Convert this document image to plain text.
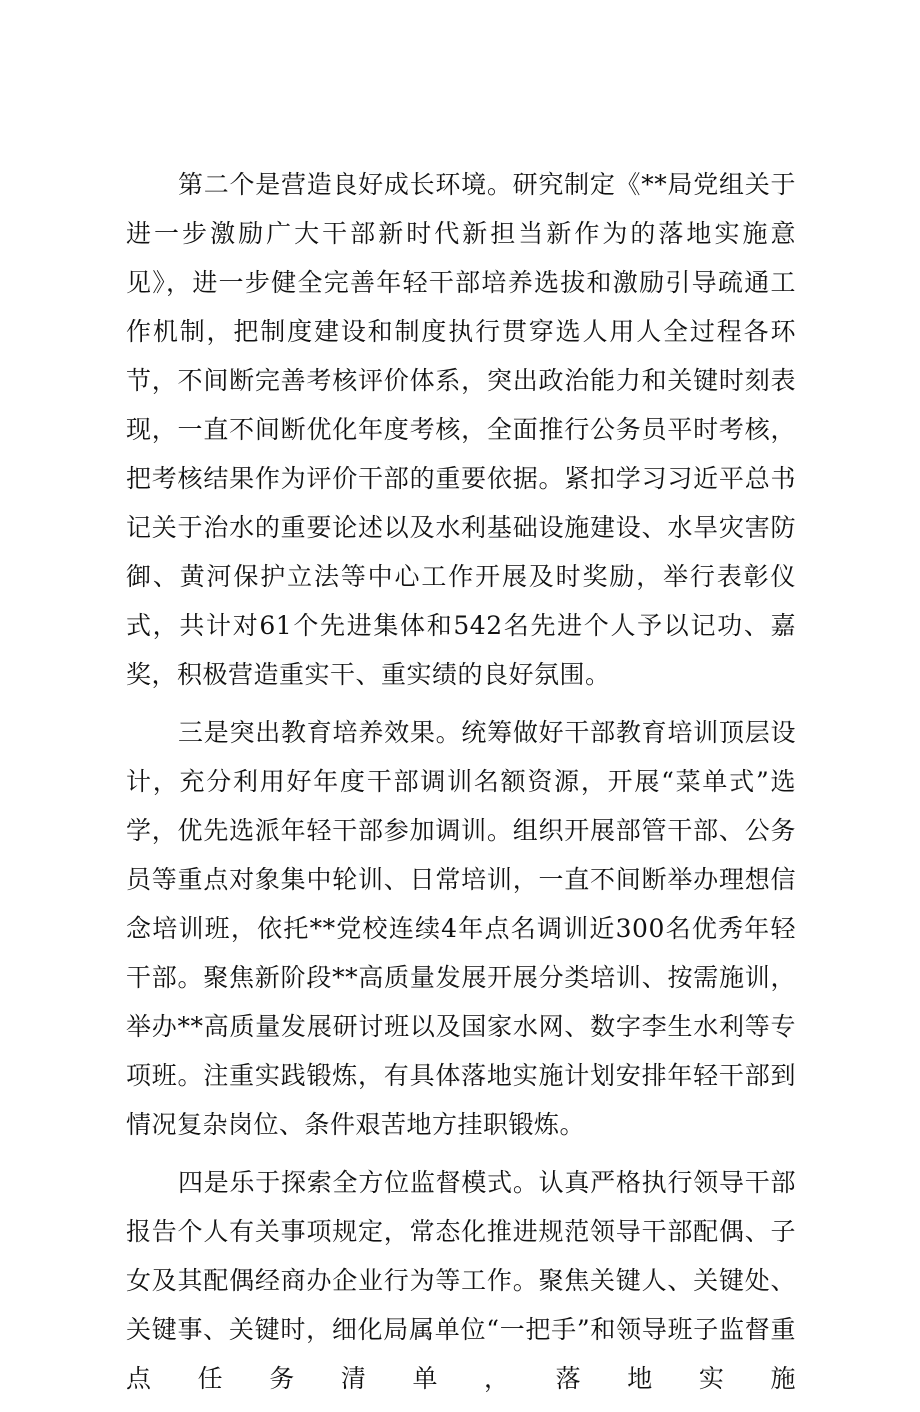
第二个是营造良好成长环境。研究制定《**局党组关于进一步激励广大干部新时代新担当新作为的落地实施意见》，进一步健全完善年轻干部培养选拔和激励引导疏通工作机制，把制度建设和制度执行贯穿选人用人全过程各环节，不间断完善考核评价体系，突出政治能力和关键时刻表现，一直不间断优化年度考核，全面推行公务员平时考核，把考核结果作为评价干部的重要依据。紧扣学习习近平总书记关于治水的重要论述以及水利基础设施建设、水旱灾害防御、黄河保护立法等中心工作开展及时奖励，举行表彰仪式，共计对61个先进集体和542名先进个人予以记功、嘉奖，积极营造重实干、重实绩的良好氛围。

三是突出教育培养效果。统筹做好干部教育培训顶层设计，充分利用好年度干部调训名额资源，开展“菜单式”选学，优先选派年轻干部参加调训。组织开展部管干部、公务员等重点对象集中轮训、日常培训，一直不间断举办理想信念培训班，依托**党校连续4年点名调训近300名优秀年轻干部。聚焦新阶段**高质量发展开展分类培训、按需施训，举办**高质量发展研讨班以及国家水网、数字李生水利等专项班。注重实践锻炼，有具体落地实施计划安排年轻干部到情况复杂岗位、条件艰苦地方挂职锻炼。

四是乐于探索全方位监督模式。认真严格执行领导干部报告个人有关事项规定，常态化推进规范领导干部配偶、子女及其配偶经商办企业行为等工作。聚焦关键人、关键处、关键事、关键时，细化局属单位“一把手”和领导班子监督重点任务清单，落地实施
